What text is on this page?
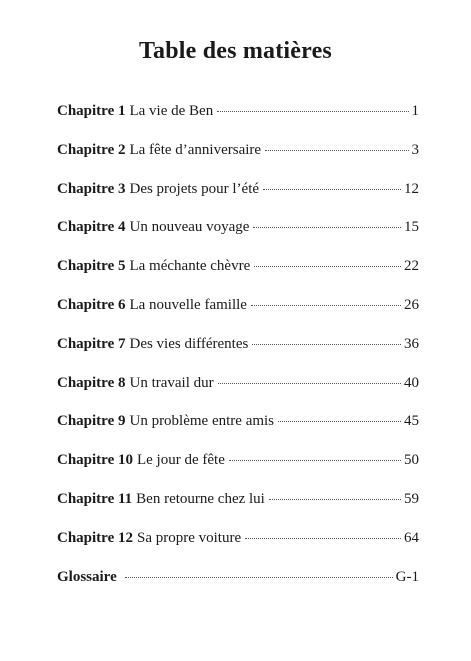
Table des matières
Chapitre 1 La vie de Ben	1
Chapitre 2 La fête d’anniversaire	3
Chapitre 3 Des projets pour l’été	12
Chapitre 4 Un nouveau voyage	15
Chapitre 5 La méchante chèvre	22
Chapitre 6 La nouvelle famille	26
Chapitre 7 Des vies différentes	36
Chapitre 8 Un travail dur	40
Chapitre 9 Un problème entre amis	45
Chapitre 10 Le jour de fête	50
Chapitre 11 Ben retourne chez lui	59
Chapitre 12 Sa propre voiture	64
Glossaire	G-1
